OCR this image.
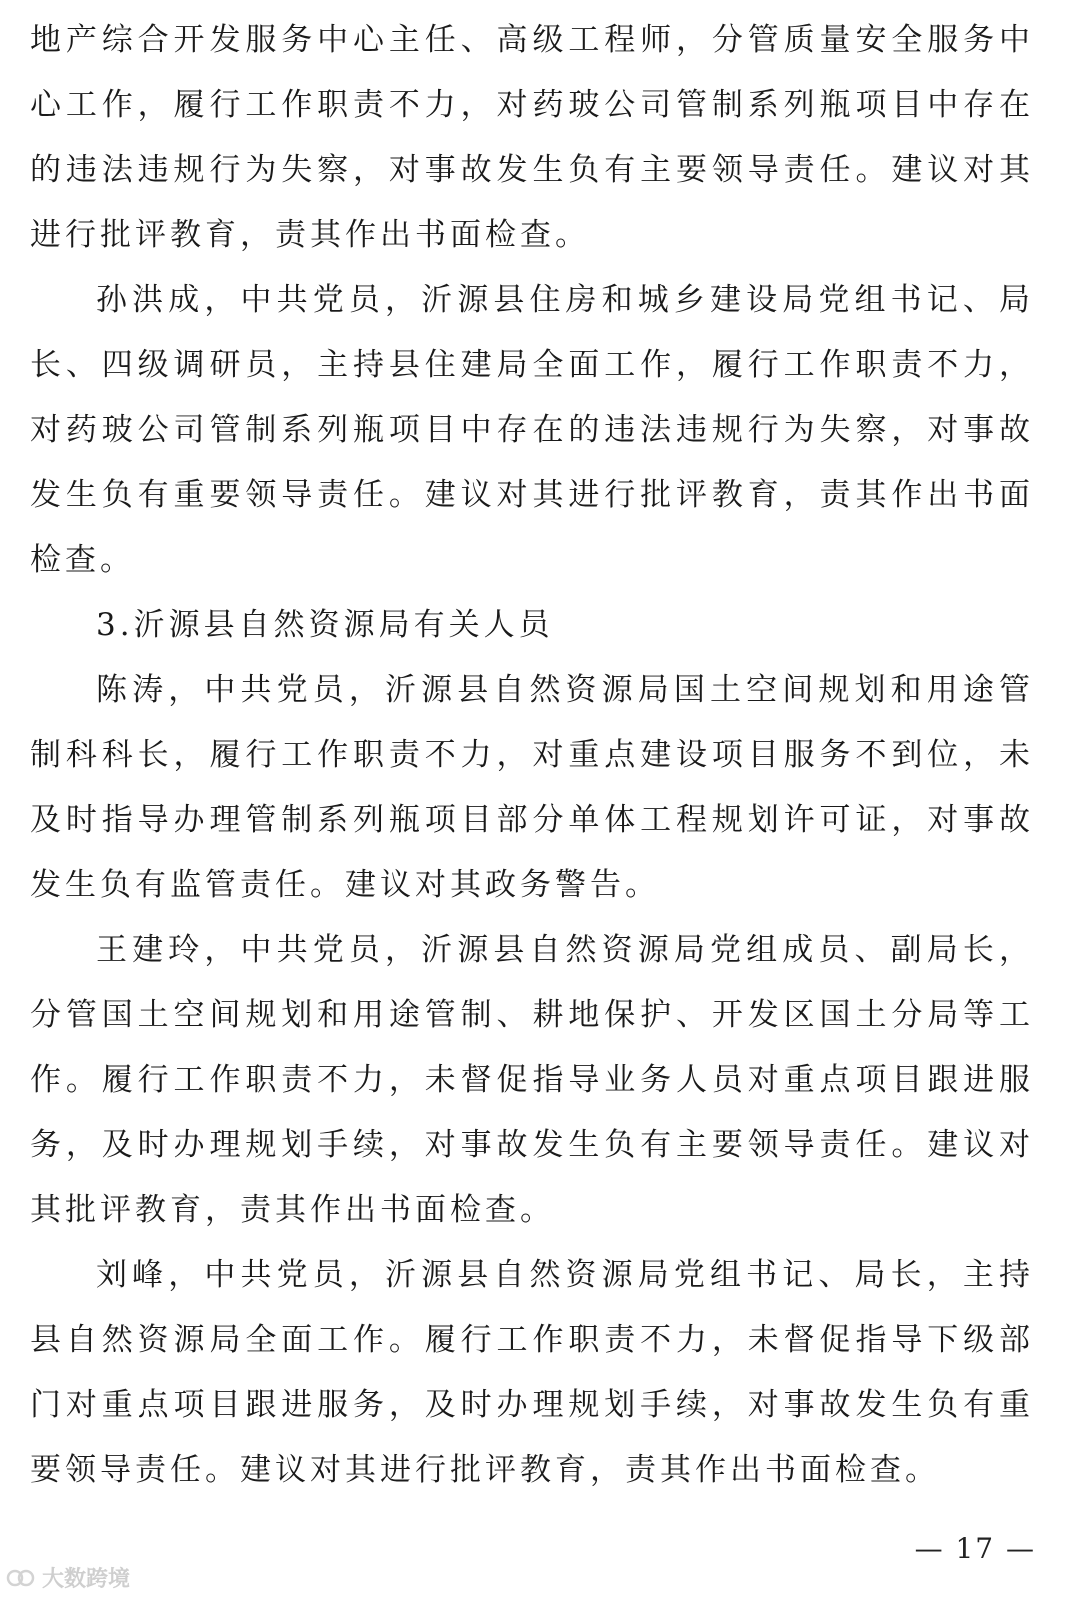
地产综合开发服务中心主任、高级工程师，分管质量安全服务中心工作，履行工作职责不力，对药玻公司管制系列瓶项目中存在的违法违规行为失察，对事故发生负有主要领导责任。建议对其进行批评教育，责其作出书面检查。

孙洪成，中共党员，沂源县住房和城乡建设局党组书记、局长、四级调研员，主持县住建局全面工作，履行工作职责不力，对药玻公司管制系列瓶项目中存在的违法违规行为失察，对事故发生负有重要领导责任。建议对其进行批评教育，责其作出书面检查。

3.沂源县自然资源局有关人员

陈涛，中共党员，沂源县自然资源局国土空间规划和用途管制科科长，履行工作职责不力，对重点建设项目服务不到位，未及时指导办理管制系列瓶项目部分单体工程规划许可证，对事故发生负有监管责任。建议对其政务警告。

王建玲，中共党员，沂源县自然资源局党组成员、副局长，分管国土空间规划和用途管制、耕地保护、开发区国土分局等工作。履行工作职责不力，未督促指导业务人员对重点项目跟进服务，及时办理规划手续，对事故发生负有主要领导责任。建议对其批评教育，责其作出书面检查。

刘峰，中共党员，沂源县自然资源局党组书记、局长，主持县自然资源局全面工作。履行工作职责不力，未督促指导下级部门对重点项目跟进服务，及时办理规划手续，对事故发生负有重要领导责任。建议对其进行批评教育，责其作出书面检查。

— 17 —
大数跨境
